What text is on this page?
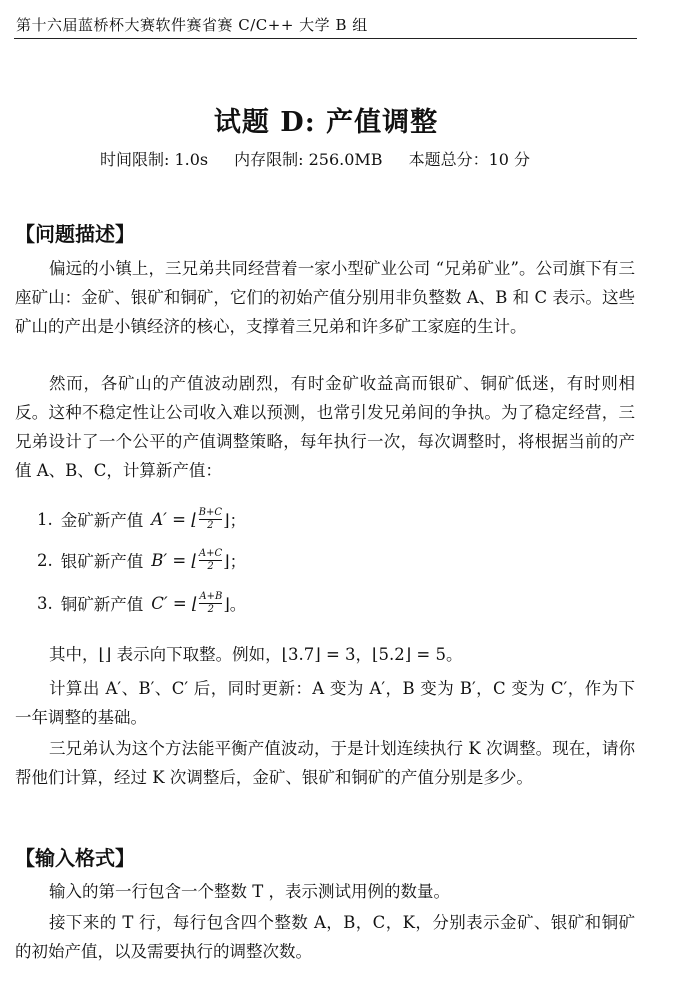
第十六届蓝桥杯大赛软件赛省赛 C/C++ 大学 B 组
试题 D: 产值调整
时间限制: 1.0s 内存限制: 256.0MB 本题总分：10 分
【问题描述】
偏远的小镇上，三兄弟共同经营着一家小型矿业公司 “兄弟矿业”。公司旗下有三座矿山：金矿、银矿和铜矿，它们的初始产值分别用非负整数 A、B 和 C 表示。这些矿山的产出是小镇经济的核心，支撑着三兄弟和许多矿工家庭的生计。
然而，各矿山的产值波动剧烈，有时金矿收益高而银矿、铜矿低迷，有时则相反。这种不稳定性让公司收入难以预测，也常引发兄弟间的争执。为了稳定经营，三兄弟设计了一个公平的产值调整策略，每年执行一次，每次调整时，将根据当前的产值 A、B、C，计算新产值：
1. 金矿新产值 A′ = ⌊ $\frac{B+C}{2}$ ⌋；
2. 银矿新产值 B′ = ⌊ $\frac{A+C}{2}$ ⌋；
3. 铜矿新产值 C′ = ⌊ $\frac{A+B}{2}$ ⌋。
其中，⌊⌋ 表示向下取整。例如，⌊3.7⌋ = 3，⌊5.2⌋ = 5。
计算出 A′、B′、C′ 后，同时更新：A 变为 A′，B 变为 B′，C 变为 C′，作为下一年调整的基础。
三兄弟认为这个方法能平衡产值波动，于是计划连续执行 K 次调整。现在，请你帮他们计算，经过 K 次调整后，金矿、银矿和铜矿的产值分别是多少。
【输入格式】
输入的第一行包含一个整数 T ，表示测试用例的数量。
接下来的 T 行，每行包含四个整数 A，B，C，K，分别表示金矿、银矿和铜矿的初始产值，以及需要执行的调整次数。
